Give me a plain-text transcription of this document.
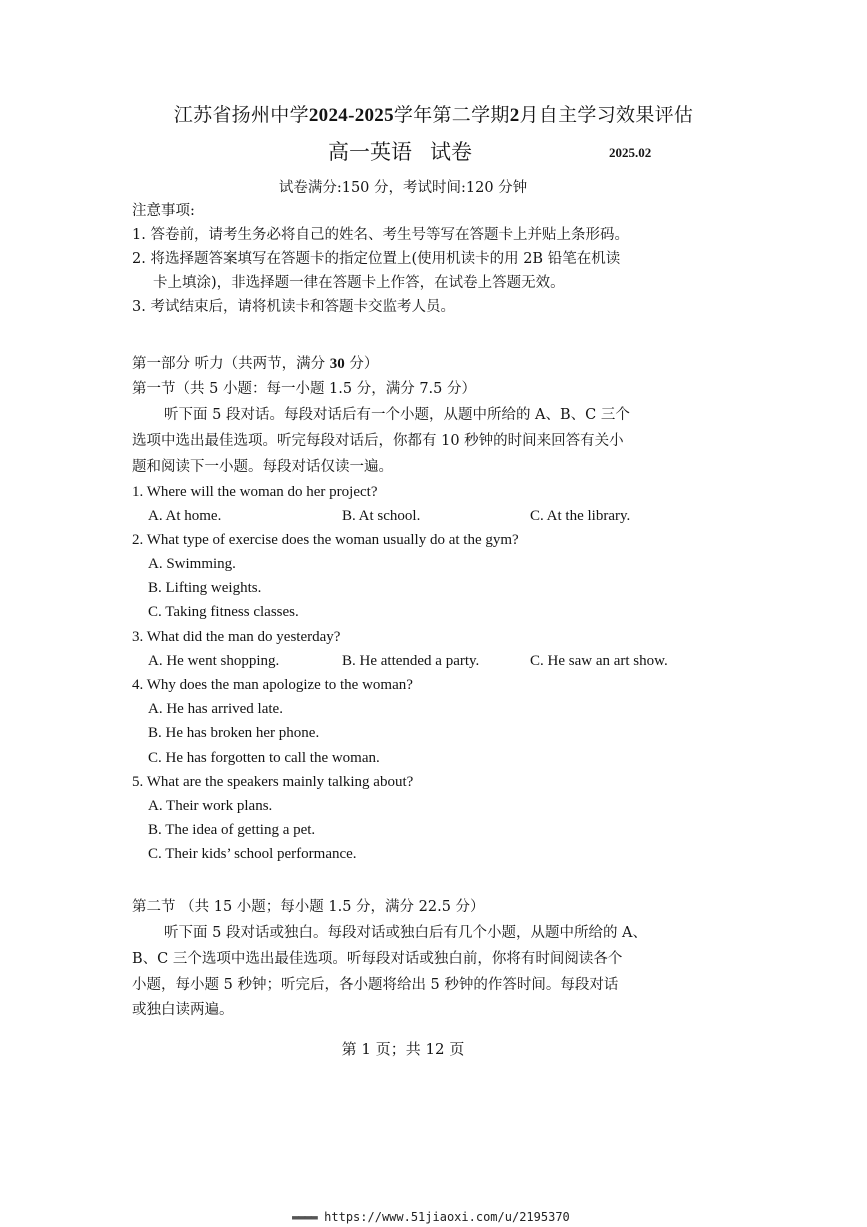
江苏省扬州中学2024-2025学年第二学期2月自主学习效果评估
高一英语 试卷	2025.02
试卷满分:150 分，考试时间:120 分钟
注意事项:
1. 答卷前，请考生务必将自己的姓名、考生号等写在答题卡上并贴上条形码。
2. 将选择题答案填写在答题卡的指定位置上(使用机读卡的用 2B 铅笔在机读
卡上填涂)，非选择题一律在答题卡上作答，在试卷上答题无效。
3. 考试结束后，请将机读卡和答题卡交监考人员。
第一部分 听力（共两节，满分 30 分）
第一节（共 5 小题：每一小题 1.5 分，满分 7.5 分）
听下面 5 段对话。每段对话后有一个小题，从题中所给的 A、B、C 三个
选项中选出最佳选项。听完每段对话后，你都有 10 秒钟的时间来回答有关小
题和阅读下一小题。每段对话仅读一遍。
1. Where will the woman do her project?
A. At home.	B. At school.	C. At the library.
2. What type of exercise does the woman usually do at the gym?
A. Swimming.
B. Lifting weights.
C. Taking fitness classes.
3. What did the man do yesterday?
A. He went shopping.	B. He attended a party.	C. He saw an art show.
4. Why does the man apologize to the woman?
A. He has arrived late.
B. He has broken her phone.
C. He has forgotten to call the woman.
5. What are the speakers mainly talking about?
A. Their work plans.
B. The idea of getting a pet.
C. Their kids’ school performance.
第二节 （共 15 小题；每小题 1.5 分，满分 22.5 分）
听下面 5 段对话或独白。每段对话或独白后有几个小题，从题中所给的 A、
B、C 三个选项中选出最佳选项。听每段对话或独白前，你将有时间阅读各个
小题，每小题 5 秒钟；听完后，各小题将给出 5 秒钟的作答时间。每段对话
或独白读两遍。
第 1 页；共 12 页
▬▬▬▬ https://www.51jiaoxi.com/u/2195370
